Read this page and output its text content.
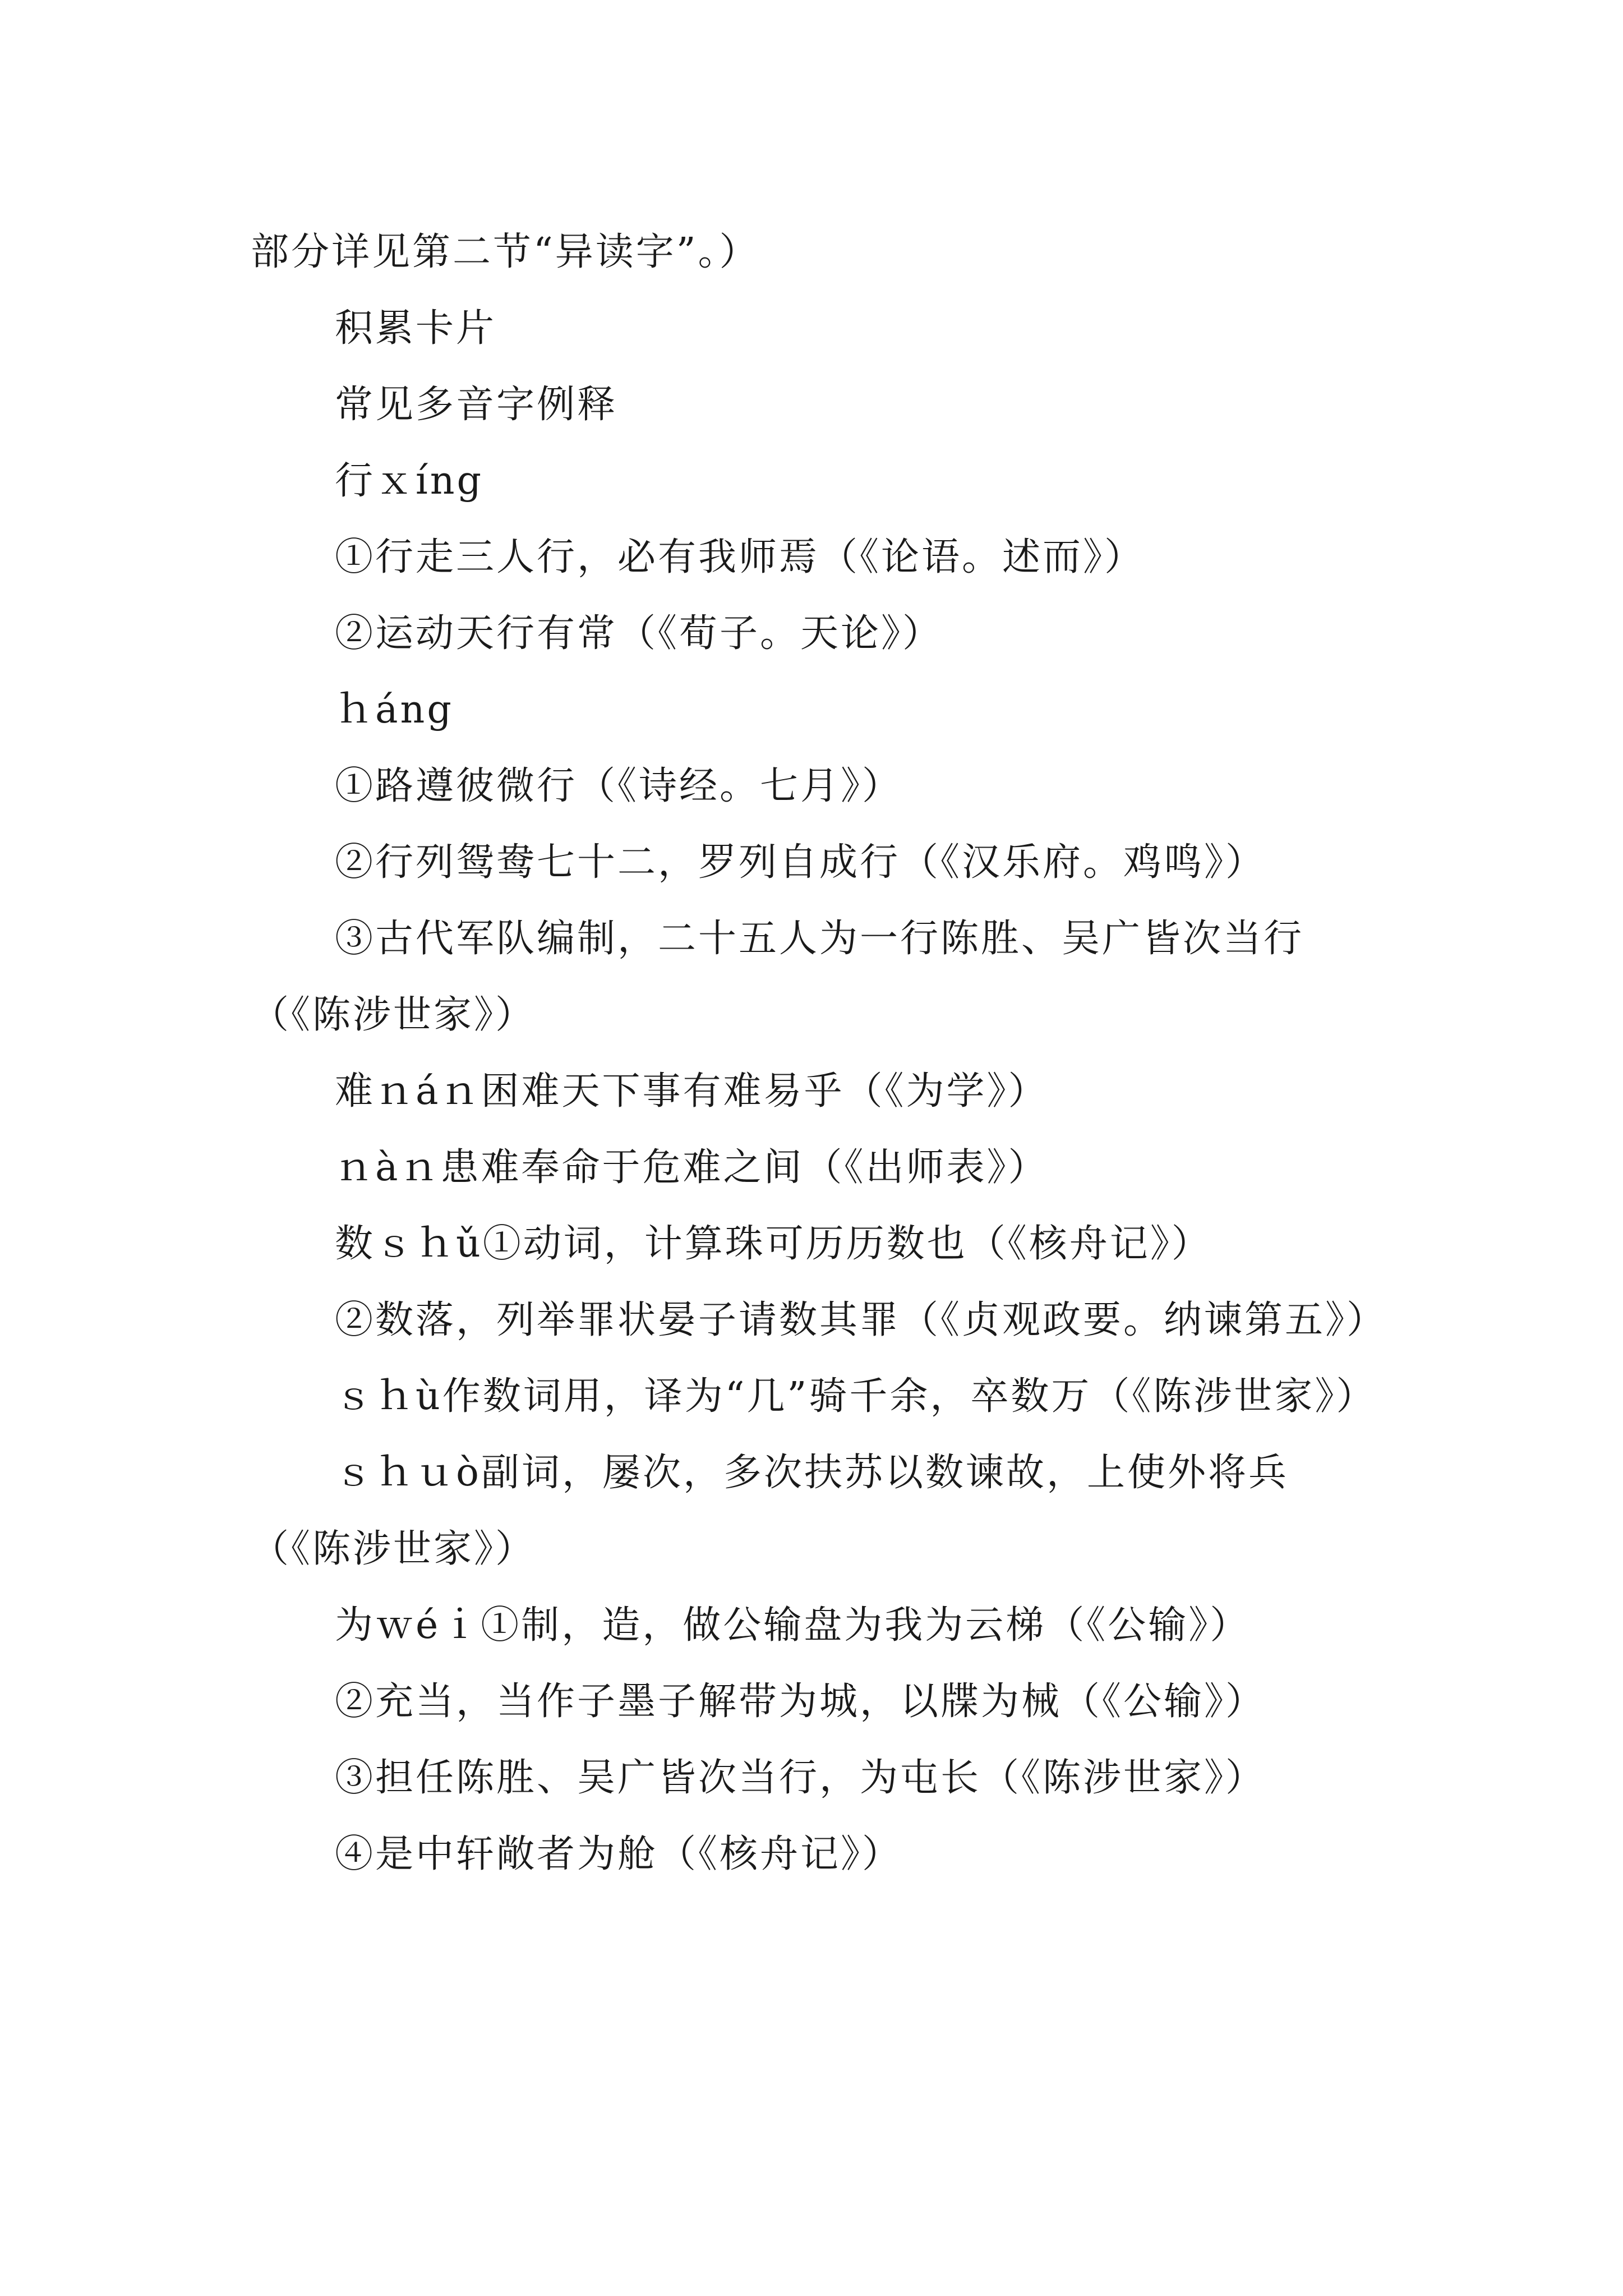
部分详见第二节“异读字”。）

积累卡片

常见多音字例释

行ｘíng

①行走三人行，必有我师焉（《论语。述而》）

②运动天行有常（《荀子。天论》）

ｈáng

①路遵彼微行（《诗经。七月》）

②行列鸳鸯七十二，罗列自成行（《汉乐府。鸡鸣》）

③古代军队编制，二十五人为一行陈胜、吴广皆次当行（《陈涉世家》）

难ｎáｎ困难天下事有难易乎（《为学》）

ｎàｎ患难奉命于危难之间（《出师表》）

数ｓｈǔ①动词，计算珠可历历数也（《核舟记》）

②数落，列举罪状晏子请数其罪（《贞观政要。纳谏第五》）

ｓｈù作数词用，译为“几”骑千余，卒数万（《陈涉世家》）

ｓｈｕò副词，屡次，多次扶苏以数谏故，上使外将兵（《陈涉世家》）

为ｗéｉ①制，造，做公输盘为我为云梯（《公输》）

②充当，当作子墨子解带为城，以牒为械（《公输》）

③担任陈胜、吴广皆次当行，为屯长（《陈涉世家》）

④是中轩敞者为舱（《核舟记》）
